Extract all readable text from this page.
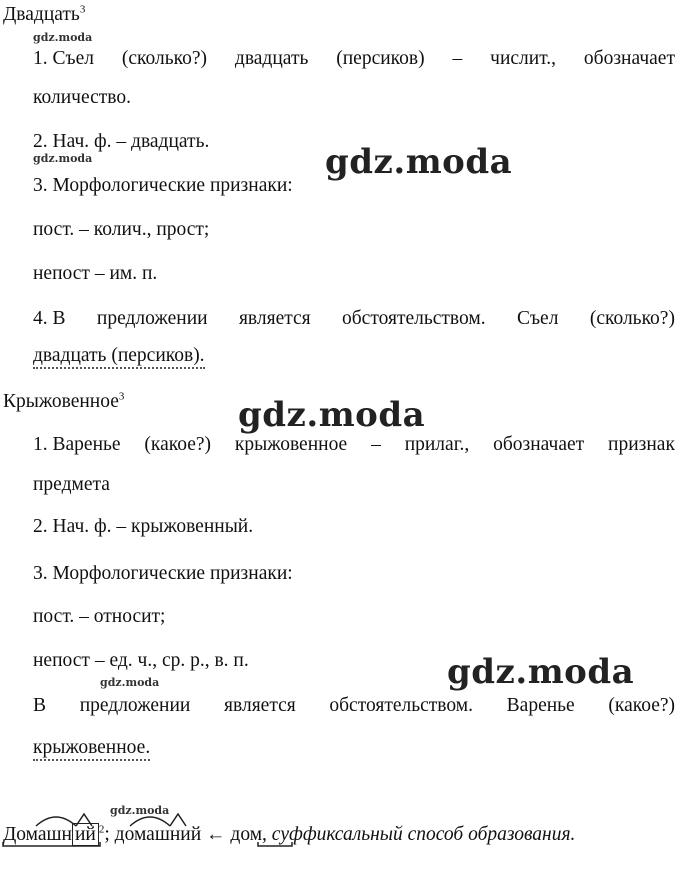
gdz.moda
gdz.moda
gdz.moda
gdz.moda
gdz.moda
gdz.moda
gdz.moda
Двадцать$^3$
1. Съел (сколько?) двадцать (персиков) – числит., обозначает
количество.
2. Нач. ф. – двадцать.
3. Морфологические признаки:
пост. – колич., прост;
непост – им. п.
4. В предложении является обстоятельством. Съел (сколько?)
двадцать (персиков).
Крыжовенное$^3$
1. Варенье (какое?) крыжовенное – прилаг., обозначает признак
предмета
2. Нач. ф. – крыжовенный.
3. Морфологические признаки:
пост. – относит;
непост – ед. ч., ср. р., в. п.
В предложении является обстоятельством. Варенье (какое?)
крыжовенное.
Домашн ий $^2$; домашний ← дом, суффиксальный способ образования.
